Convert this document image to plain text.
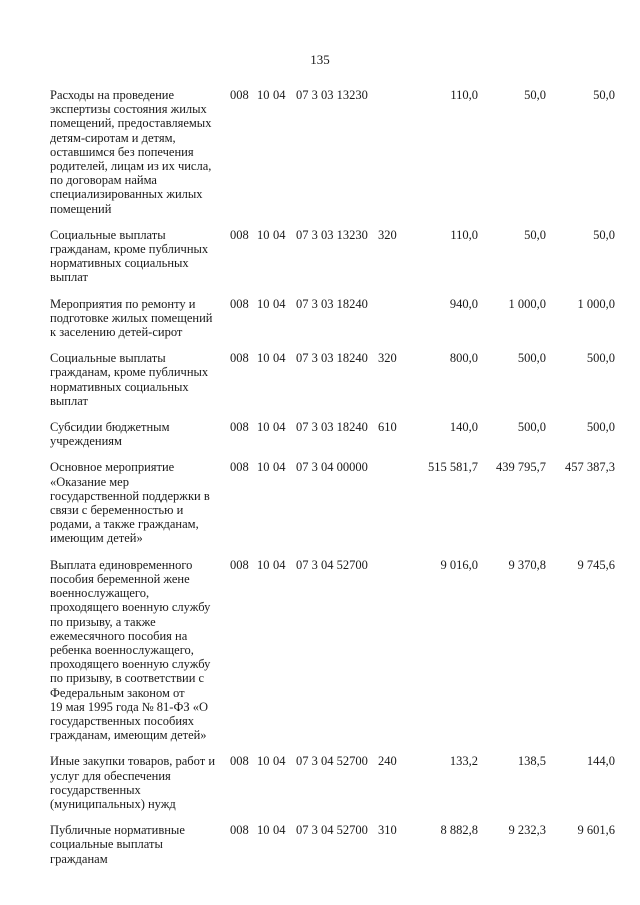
135
Расходы на проведение
экспертизы состояния жилых
помещений, предоставляемых
детям-сиротам и детям,
оставшимся без попечения
родителей, лицам из их числа,
по договорам найма
специализированных жилых
помещений
008 10 04 07 3 03 13230	110,0	50,0	50,0
Социальные выплаты
гражданам, кроме публичных
нормативных социальных
выплат
008 10 04 07 3 03 13230 320	110,0	50,0	50,0
Мероприятия по ремонту и
подготовке жилых помещений
к заселению детей-сирот
008 10 04 07 3 03 18240	940,0	1 000,0	1 000,0
Социальные выплаты
гражданам, кроме публичных
нормативных социальных
выплат
008 10 04 07 3 03 18240 320	800,0	500,0	500,0
Субсидии бюджетным
учреждениям
008 10 04 07 3 03 18240 610	140,0	500,0	500,0
Основное мероприятие
«Оказание мер
государственной поддержки в
связи с беременностью и
родами, а также гражданам,
имеющим детей»
008 10 04 07 3 04 00000	515 581,7	439 795,7	457 387,3
Выплата единовременного
пособия беременной жене
военнослужащего,
проходящего военную службу
по призыву, а также
ежемесячного пособия на
ребенка военнослужащего,
проходящего военную службу
по призыву, в соответствии с
Федеральным законом от
19 мая 1995 года № 81-ФЗ «О
государственных пособиях
гражданам, имеющим детей»
008 10 04 07 3 04 52700	9 016,0	9 370,8	9 745,6
Иные закупки товаров, работ и
услуг для обеспечения
государственных
(муниципальных) нужд
008 10 04 07 3 04 52700 240	133,2	138,5	144,0
Публичные нормативные
социальные выплаты
гражданам
008 10 04 07 3 04 52700 310	8 882,8	9 232,3	9 601,6
